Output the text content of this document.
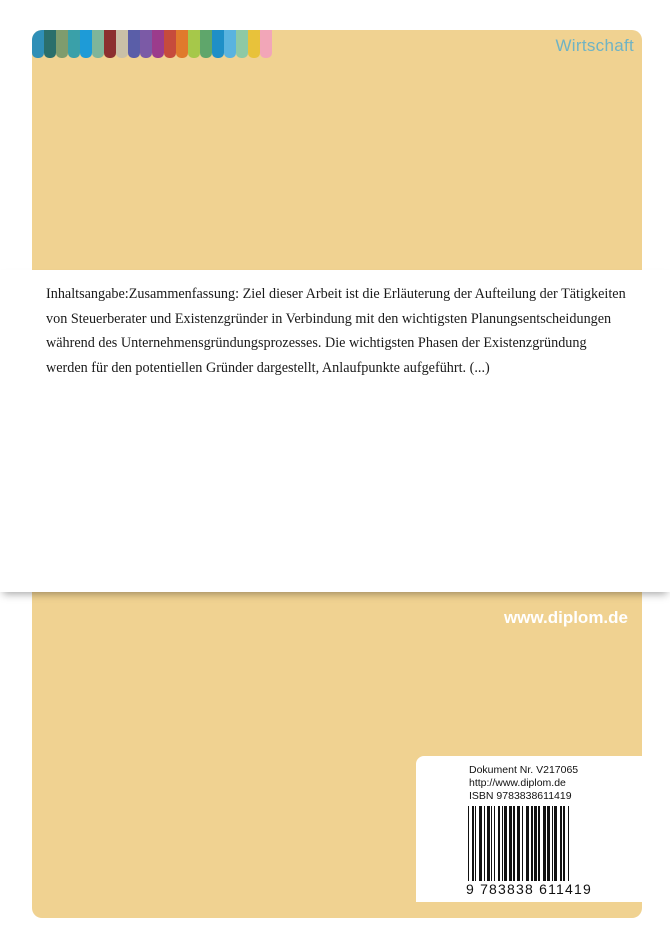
Wirtschaft

Inhaltsangabe:Zusammenfassung: Ziel dieser Arbeit ist die Erläuterung der Aufteilung der Tätigkeiten von Steuerberater und Existenzgründer in Verbindung mit den wichtigsten Planungsentscheidungen während des Unternehmensgründungsprozesses. Die wichtigsten Phasen der Existenzgründung werden für den potentiellen Gründer dargestellt, Anlaufpunkte aufgeführt. (...)

www.diplom.de
Dokument Nr. V217065
http://www.diplom.de
ISBN 9783838611419
9 783838 611419
